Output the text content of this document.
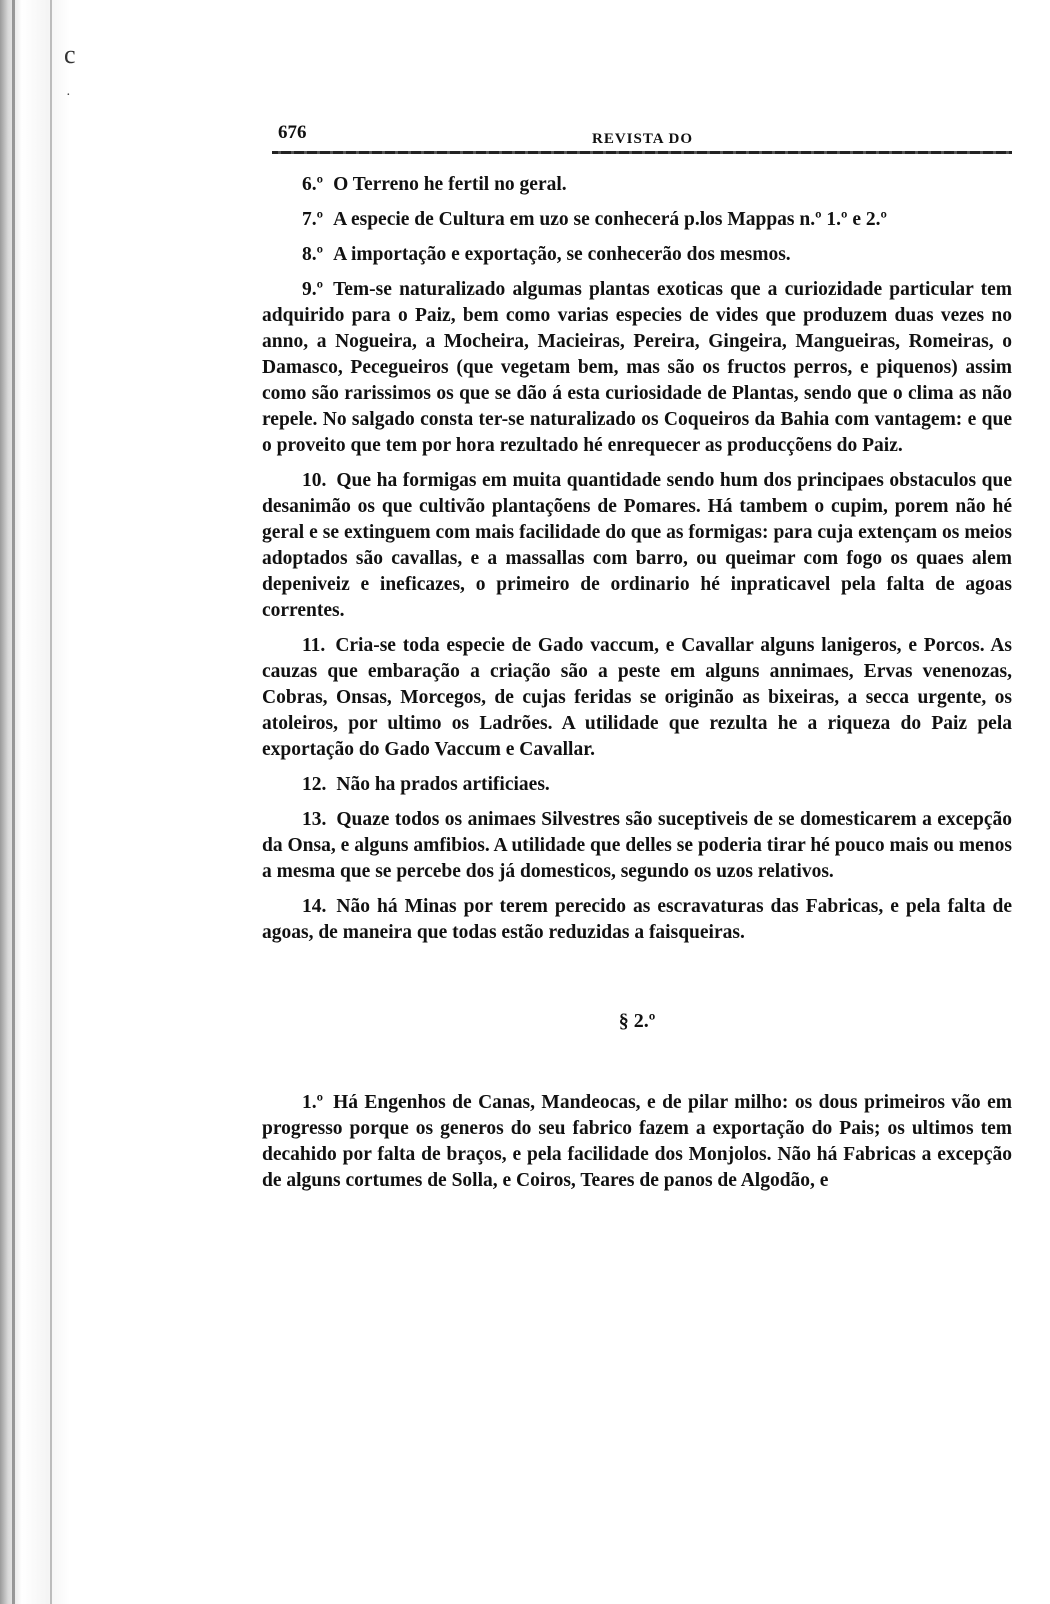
c
·
676	REVISTA DO

6.º O Terreno he fertil no geral.

7.º A especie de Cultura em uzo se conhecerá p.los Mappas n.º 1.º e 2.º

8.º A importação e exportação, se conhecerão dos mesmos.

9.º Tem-se naturalizado algumas plantas exoticas que a curiozidade particular tem adquirido para o Paiz, bem como varias especies de vides que produzem duas vezes no anno, a Nogueira, a Mocheira, Macieiras, Pereira, Gingeira, Mangueiras, Romeiras, o Damasco, Pecegueiros (que vegetam bem, mas são os fructos perros, e piquenos) assim como são rarissimos os que se dão á esta curiosidade de Plantas, sendo que o clima as não repele. No salgado consta ter-se naturalizado os Coqueiros da Bahia com vantagem: e que o proveito que tem por hora rezultado hé enrequecer as producçõens do Paiz.

10. Que ha formigas em muita quantidade sendo hum dos principaes obstaculos que desanimão os que cultivão plantaçõens de Pomares. Há tambem o cupim, porem não hé geral e se extinguem com mais facilidade do que as formigas: para cuja extençam os meios adoptados são cavallas, e a massallas com barro, ou queimar com fogo os quaes alem depeniveiz e ineficazes, o primeiro de ordinario hé inpraticavel pela falta de agoas correntes.

11. Cria-se toda especie de Gado vaccum, e Cavallar alguns lanigeros, e Porcos. As cauzas que embaração a criação são a peste em alguns annimaes, Ervas venenozas, Cobras, Onsas, Morcegos, de cujas feridas se originão as bixeiras, a secca urgente, os atoleiros, por ultimo os Ladrões. A utilidade que rezulta he a riqueza do Paiz pela exportação do Gado Vaccum e Cavallar.

12. Não ha prados artificiaes.

13. Quaze todos os animaes Silvestres são suceptiveis de se domesticarem a excepção da Onsa, e alguns amfibios. A utilidade que delles se poderia tirar hé pouco mais ou menos a mesma que se percebe dos já domesticos, segundo os uzos relativos.

14. Não há Minas por terem perecido as escravaturas das Fabricas, e pela falta de agoas, de maneira que todas estão reduzidas a faisqueiras.

§ 2.º

1.º Há Engenhos de Canas, Mandeocas, e de pilar milho: os dous primeiros vão em progresso porque os generos do seu fabrico fazem a exportação do Pais; os ultimos tem decahido por falta de braços, e pela facilidade dos Monjolos. Não há Fabricas a excepção de alguns cortumes de Solla, e Coiros, Teares de panos de Algodão, e
